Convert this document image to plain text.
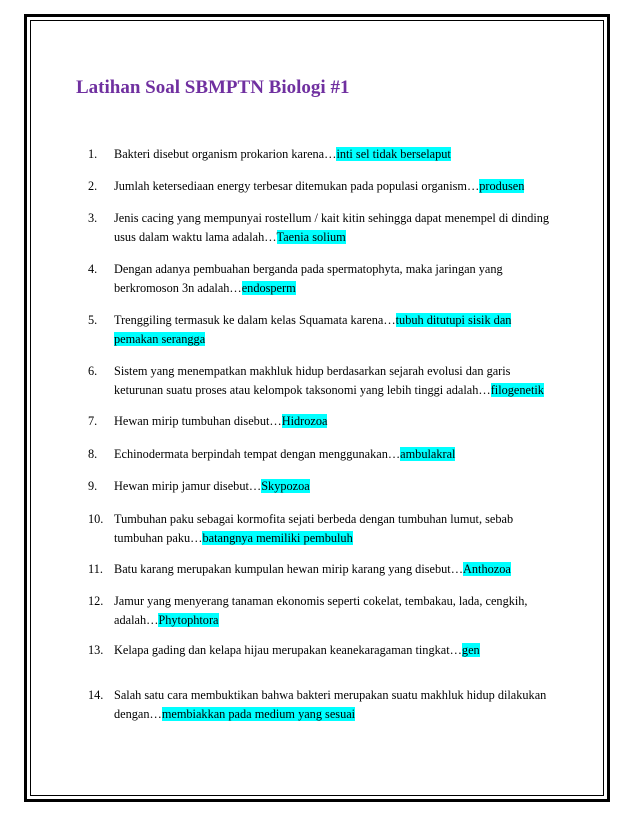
Latihan Soal SBMPTN Biologi #1
1.	Bakteri disebut organism prokarion karena…inti sel tidak berselaput
2.	Jumlah ketersediaan energy terbesar ditemukan pada populasi organism…produsen
3.	Jenis cacing yang mempunyai rostellum / kait kitin sehingga dapat menempel di dinding usus dalam waktu lama adalah…Taenia solium
4.	Dengan adanya pembuahan berganda pada spermatophyta, maka jaringan yang berkromoson 3n adalah…endosperm
5.	Trenggiling termasuk ke dalam kelas Squamata karena…tubuh ditutupi sisik dan pemakan serangga
6.	Sistem yang menempatkan makhluk hidup berdasarkan sejarah evolusi dan garis keturunan suatu proses atau kelompok taksonomi yang lebih tinggi adalah…filogenetik
7.	Hewan mirip tumbuhan disebut…Hidrozoa
8.	Echinodermata berpindah tempat dengan menggunakan…ambulakral
9.	Hewan mirip jamur disebut…Skypozoa
10. Tumbuhan paku sebagai kormofita sejati berbeda dengan tumbuhan lumut, sebab tumbuhan paku…batangnya memiliki pembuluh
11. Batu karang merupakan kumpulan hewan mirip karang yang disebut…Anthozoa
12. Jamur yang menyerang tanaman ekonomis seperti cokelat, tembakau, lada, cengkih, adalah…Phytophtora
13. Kelapa gading dan kelapa hijau merupakan keanekaragaman tingkat…gen
14. Salah satu cara membuktikan bahwa bakteri merupakan suatu makhluk hidup dilakukan dengan…membiakkan pada medium yang sesuai
